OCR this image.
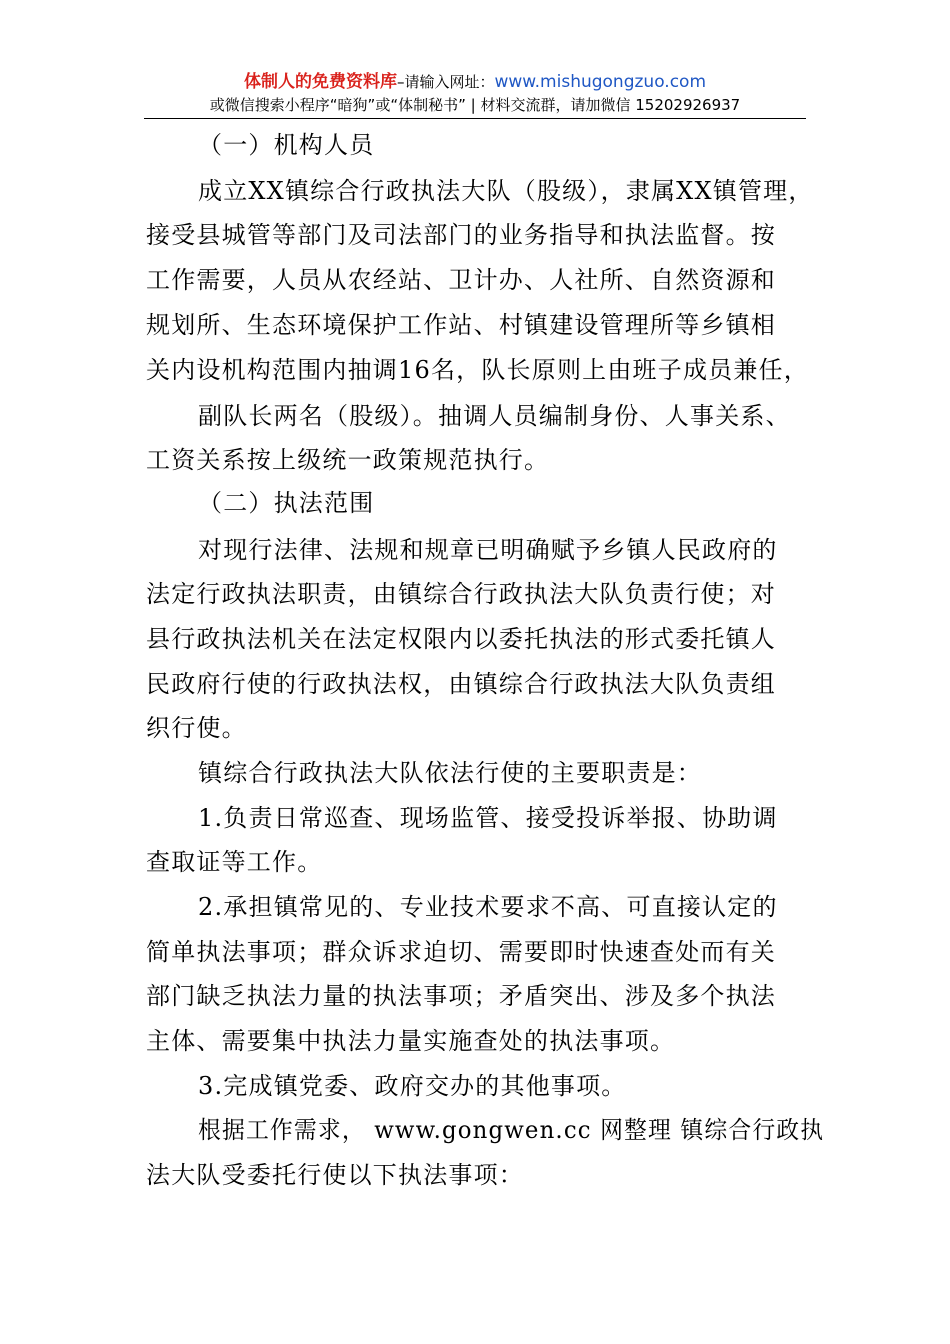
体制人的免费资料库–请输入网址：www.mishugongzuo.com
或微信搜索小程序“暗狗”或“体制秘书” | 材料交流群，请加微信 15202926937
（一）机构人员
成立XX镇综合行政执法大队（股级），隶属XX镇管理，
接受县城管等部门及司法部门的业务指导和执法监督。按
工作需要，人员从农经站、卫计办、人社所、自然资源和
规划所、生态环境保护工作站、村镇建设管理所等乡镇相
关内设机构范围内抽调16名，队长原则上由班子成员兼任，
副队长两名（股级）。抽调人员编制身份、人事关系、
工资关系按上级统一政策规范执行。
（二）执法范围
对现行法律、法规和规章已明确赋予乡镇人民政府的
法定行政执法职责，由镇综合行政执法大队负责行使；对
县行政执法机关在法定权限内以委托执法的形式委托镇人
民政府行使的行政执法权，由镇综合行政执法大队负责组
织行使。
镇综合行政执法大队依法行使的主要职责是：
1.负责日常巡查、现场监管、接受投诉举报、协助调
查取证等工作。
2.承担镇常见的、专业技术要求不高、可直接认定的
简单执法事项；群众诉求迫切、需要即时快速查处而有关
部门缺乏执法力量的执法事项；矛盾突出、涉及多个执法
主体、需要集中执法力量实施查处的执法事项。
3.完成镇党委、政府交办的其他事项。
根据工作需求， www.gongwen.cc 网整理 镇综合行政执
法大队受委托行使以下执法事项：
